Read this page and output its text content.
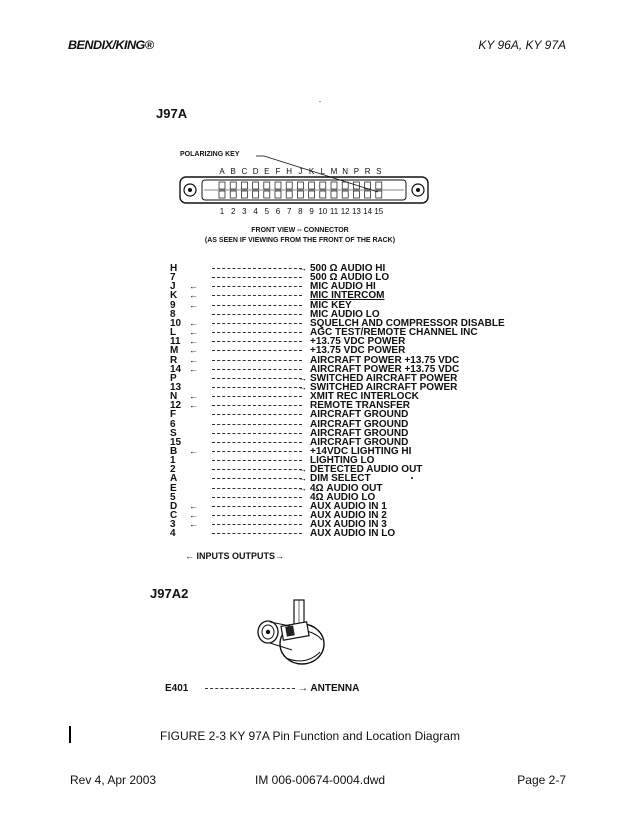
BENDIX/KING®	KY 96A, KY 97A
J97A
POLARIZING KEY
A B C D E F H J K L M N P R S
1 2 3 4 5 6 7 8 9 10 11 12 13 14 15
FRONT VIEW -- CONNECTOR
(AS SEEN IF VIEWING FROM THE FRONT OF THE RACK)
H	→ 500 Ω AUDIO HI
7	500 Ω AUDIO LO
J	←	MIC AUDIO HI
K	←	MIC INTERCOM
9	←	MIC KEY
8	MIC AUDIO LO
10 ←	SQUELCH AND COMPRESSOR DISABLE
L	←	AGC TEST/REMOTE CHANNEL INC
11 ←	+13.75 VDC POWER
M	←	+13.75 VDC POWER
R	←	AIRCRAFT POWER +13.75 VDC
14 ←	AIRCRAFT POWER +13.75 VDC
P	→ SWITCHED AIRCRAFT POWER
13	→ SWITCHED AIRCRAFT POWER
N	←	XMIT REC INTERLOCK
12 ←	REMOTE TRANSFER
F	AIRCRAFT GROUND
6	AIRCRAFT GROUND
S	AIRCRAFT GROUND
15	AIRCRAFT GROUND
B	←	+14VDC LIGHTING HI
1	LIGHTING LO
2	→ DETECTED AUDIO OUT
A	→ DIM SELECT
E	→ 4Ω AUDIO OUT
5	4Ω AUDIO LO
D	←	AUX AUDIO IN 1
C	←	AUX AUDIO IN 2
3	←	AUX AUDIO IN 3
4	AUX AUDIO IN LO
← INPUTS OUTPUTS→
J97A2
E401	→ ANTENNA
FIGURE 2-3 KY 97A Pin Function and Location Diagram
Rev 4, Apr 2003	IM 006-00674-0004.dwd	Page 2-7
